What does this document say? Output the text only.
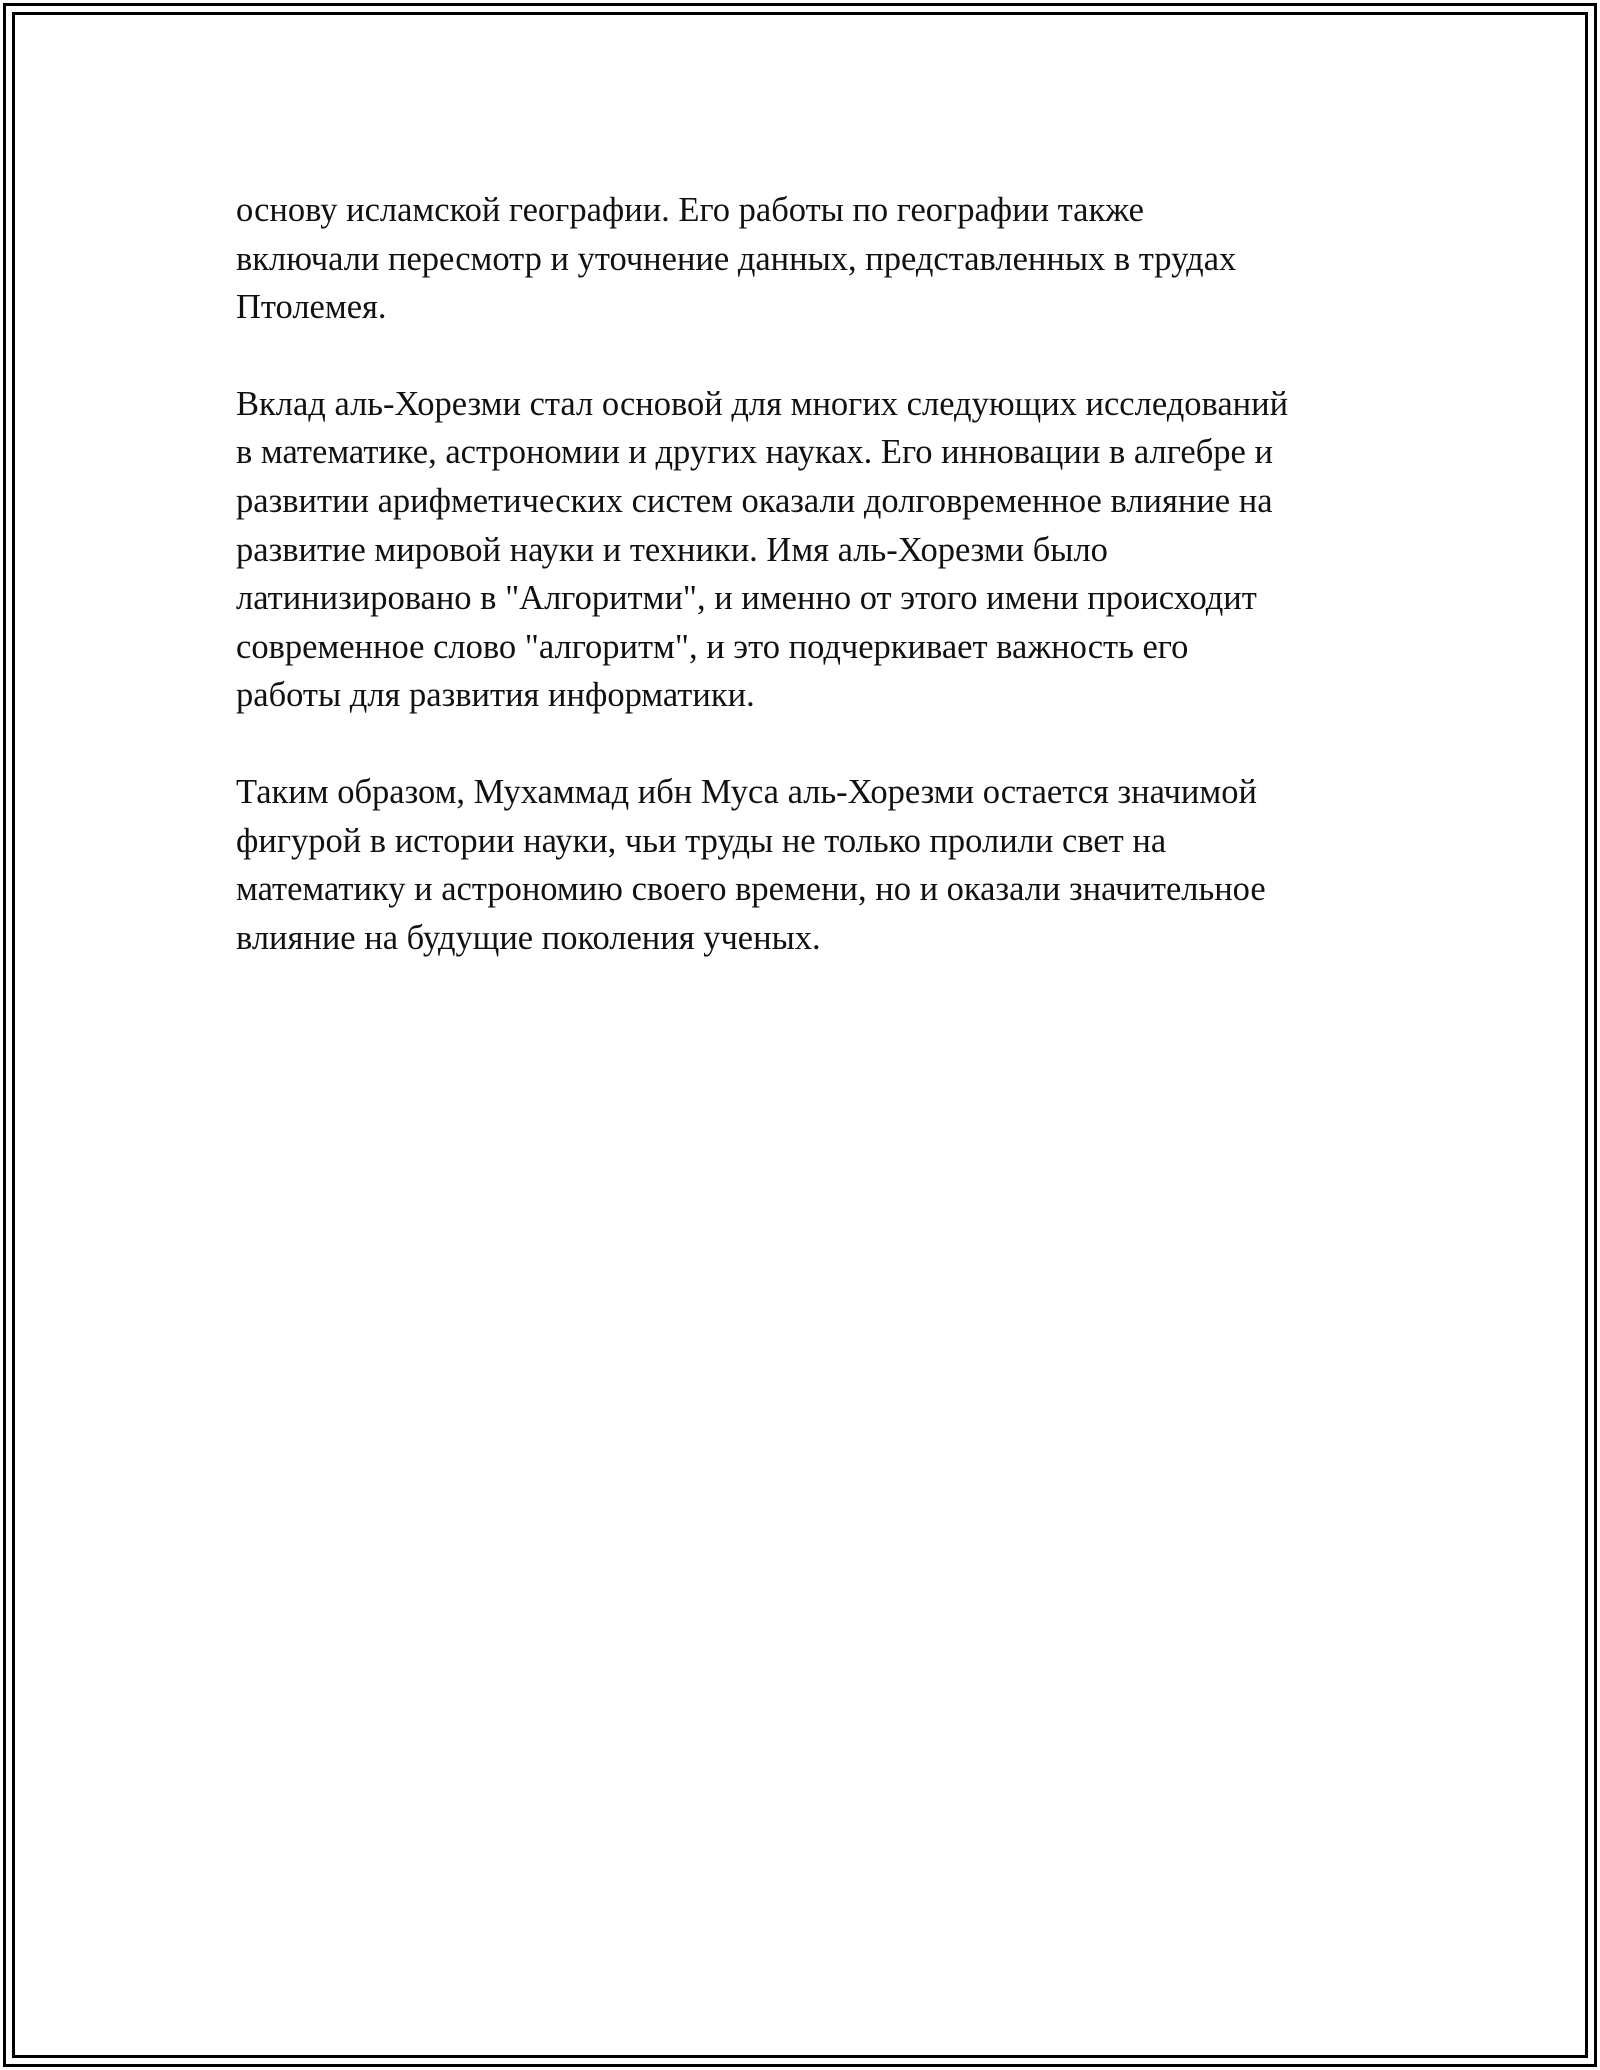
основу исламской географии. Его работы по географии также
включали пересмотр и уточнение данных, представленных в трудах
Птолемея.

Вклад аль-Хорезми стал основой для многих следующих исследований
в математике, астрономии и других науках. Его инновации в алгебре и
развитии арифметических систем оказали долговременное влияние на
развитие мировой науки и техники. Имя аль-Хорезми было
латинизировано в "Алгоритми", и именно от этого имени происходит
современное слово "алгоритм", и это подчеркивает важность его
работы для развития информатики.

Таким образом, Мухаммад ибн Муса аль-Хорезми остается значимой
фигурой в истории науки, чьи труды не только пролили свет на
математику и астрономию своего времени, но и оказали значительное
влияние на будущие поколения ученых.
